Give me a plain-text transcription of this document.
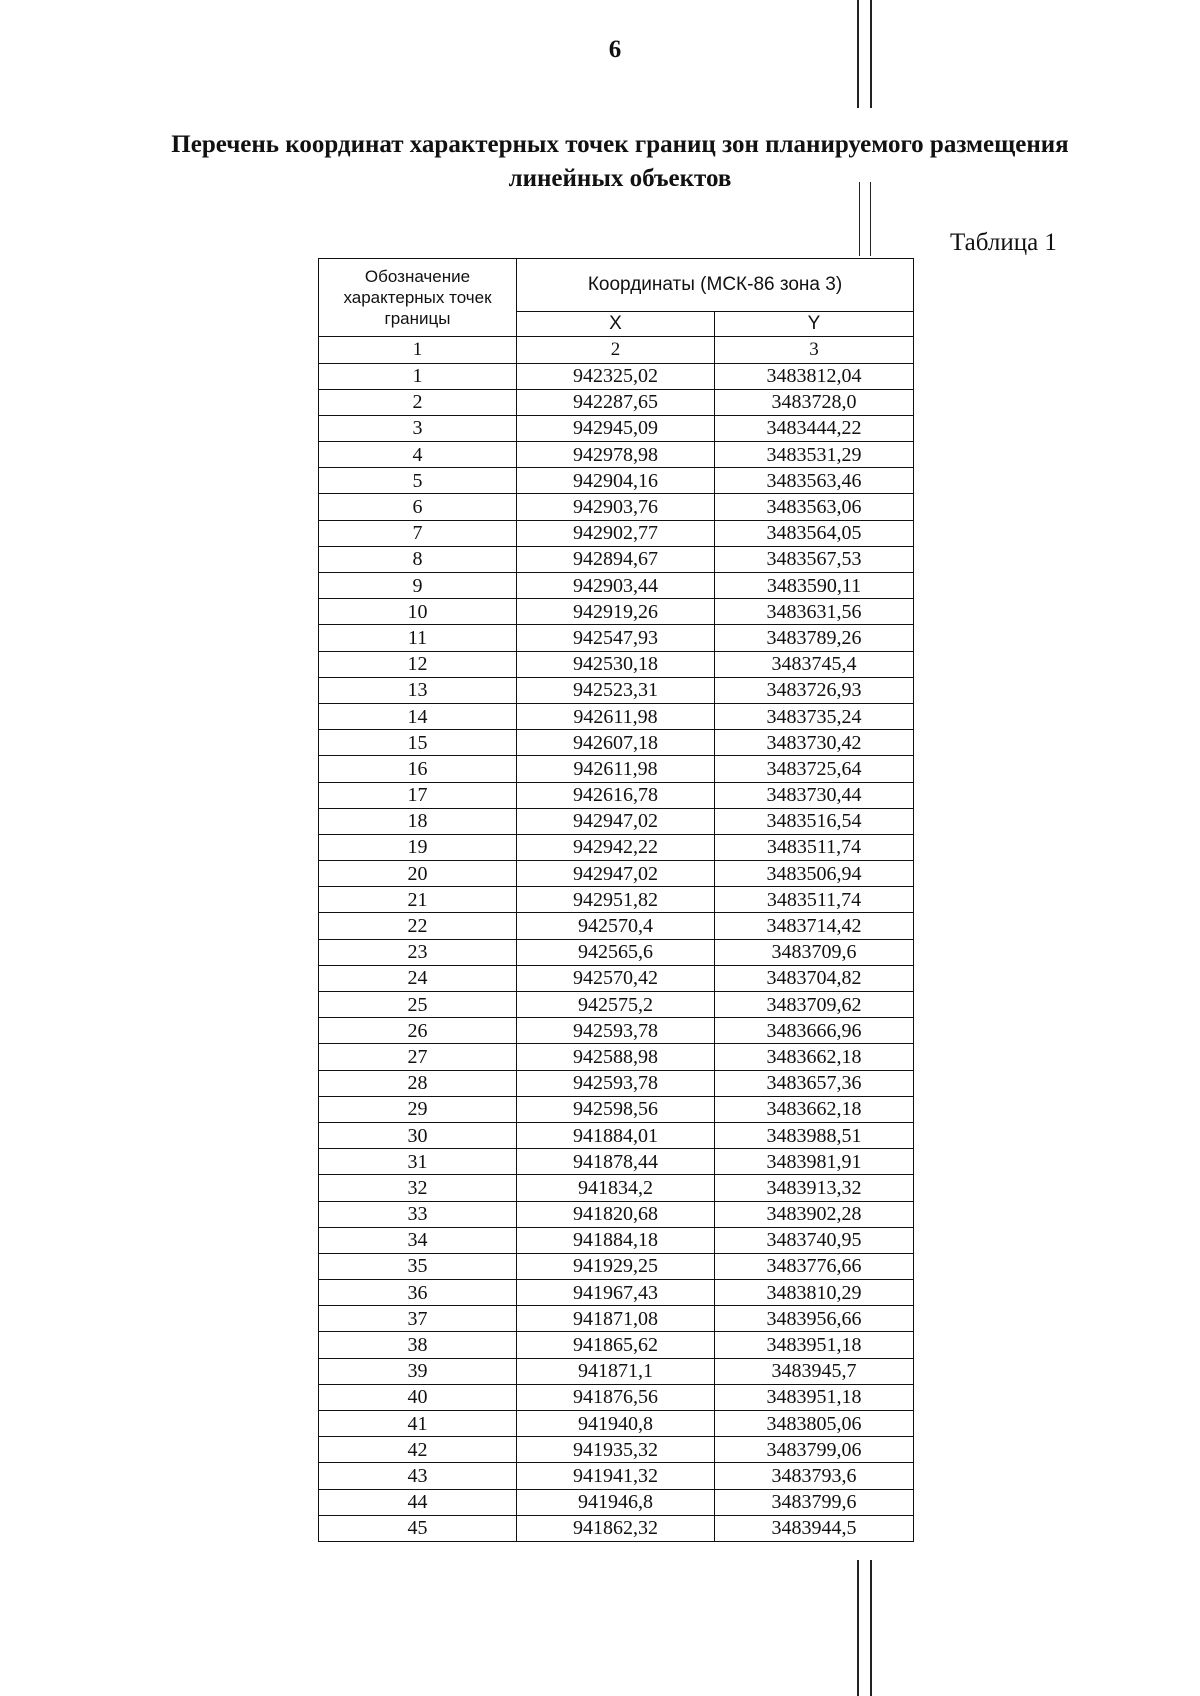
6
Перечень координат характерных точек границ зон планируемого размещения линейных объектов
Таблица 1
Обозначение характерных точек границы	Координаты (МСК-86 зона 3)	
	X	Y
1	2	3
1	942325,02	3483812,04
2	942287,65	3483728,0
3	942945,09	3483444,22
4	942978,98	3483531,29
5	942904,16	3483563,46
6	942903,76	3483563,06
7	942902,77	3483564,05
8	942894,67	3483567,53
9	942903,44	3483590,11
10	942919,26	3483631,56
11	942547,93	3483789,26
12	942530,18	3483745,4
13	942523,31	3483726,93
14	942611,98	3483735,24
15	942607,18	3483730,42
16	942611,98	3483725,64
17	942616,78	3483730,44
18	942947,02	3483516,54
19	942942,22	3483511,74
20	942947,02	3483506,94
21	942951,82	3483511,74
22	942570,4	3483714,42
23	942565,6	3483709,6
24	942570,42	3483704,82
25	942575,2	3483709,62
26	942593,78	3483666,96
27	942588,98	3483662,18
28	942593,78	3483657,36
29	942598,56	3483662,18
30	941884,01	3483988,51
31	941878,44	3483981,91
32	941834,2	3483913,32
33	941820,68	3483902,28
34	941884,18	3483740,95
35	941929,25	3483776,66
36	941967,43	3483810,29
37	941871,08	3483956,66
38	941865,62	3483951,18
39	941871,1	3483945,7
40	941876,56	3483951,18
41	941940,8	3483805,06
42	941935,32	3483799,06
43	941941,32	3483793,6
44	941946,8	3483799,6
45	941862,32	3483944,5
